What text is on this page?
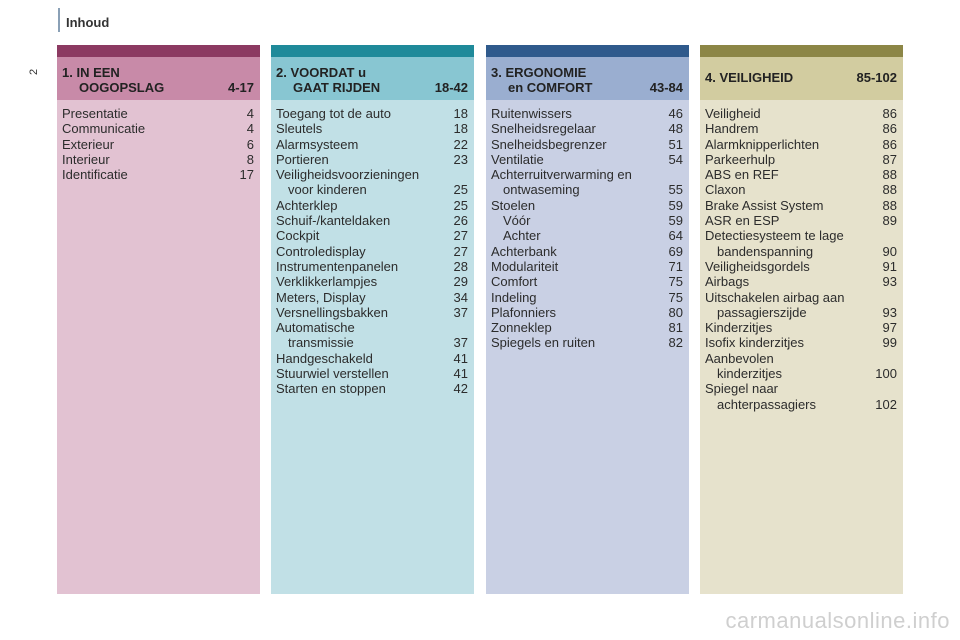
Inhoud
2 1. IN EEN
OOGOPSLAG	4-17
Presentatie	4
Communicatie	4
Exterieur	6
Interieur	8
Identificatie	17
2. VOORDAT u
GAAT RIJDEN	18-42
Toegang tot de auto	18
Sleutels	18
Alarmsysteem	22
Portieren	23
Veiligheidsvoorzieningen
voor kinderen	25
Achterklep	25
Schuif-/kanteldaken	26
Cockpit	27
Controledisplay	27
Instrumentenpanelen	28
Verklikkerlampjes	29
Meters, Display	34
Versnellingsbakken	37
Automatische
transmissie	37
Handgeschakeld	41
Stuurwiel verstellen	41
Starten en stoppen	42
3. ERGONOMIE
en COMFORT	43-84
Ruitenwissers	46
Snelheidsregelaar	48
Snelheidsbegrenzer	51
Ventilatie	54
Achterruitverwarming en
ontwaseming	55
Stoelen	59
Vóór	59
Achter	64
Achterbank	69
Modulariteit	71
Comfort	75
Indeling	75
Plafonniers	80
Zonneklep	81
Spiegels en ruiten	82
4. VEILIGHEID	85-102
Veiligheid	86
Handrem	86
Alarmknipperlichten	86
Parkeerhulp	87
ABS en REF	88
Claxon	88
Brake Assist System	88
ASR en ESP	89
Detectiesysteem te lage
bandenspanning	90
Veiligheidsgordels	91
Airbags	93
Uitschakelen airbag aan
passagierszijde	93
Kinderzitjes	97
Isofix kinderzitjes	99
Aanbevolen
kinderzitjes	100
Spiegel naar
achterpassagiers	102
carmanualsonline.info
